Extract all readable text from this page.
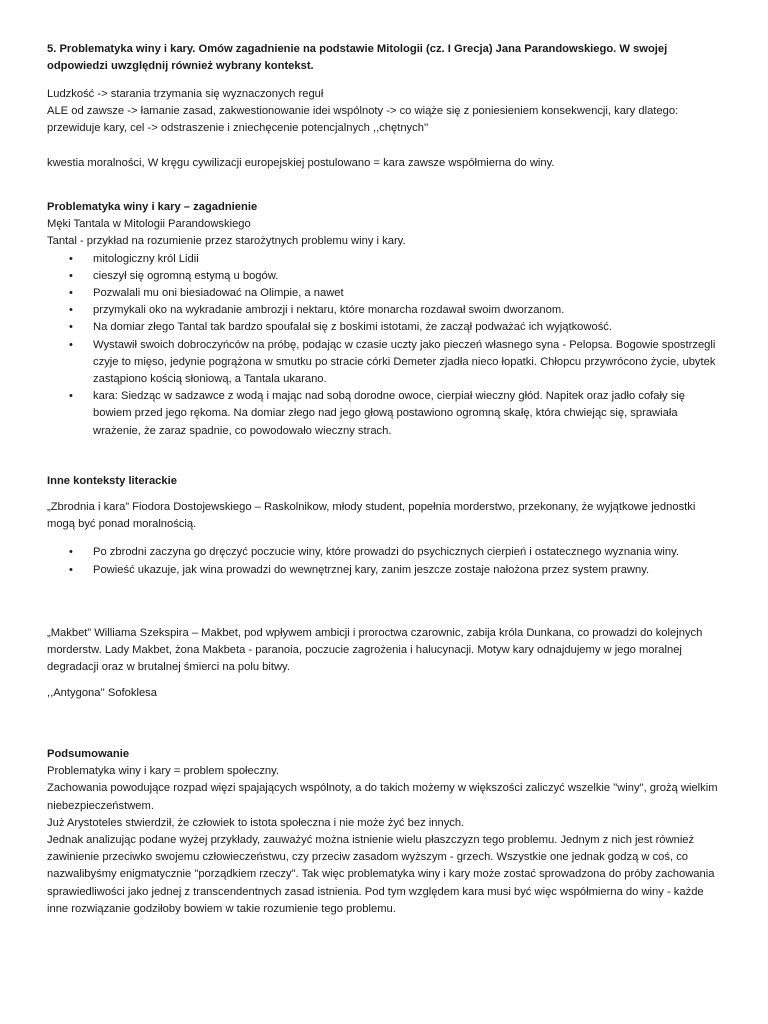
5. Problematyka winy i kary. Omów zagadnienie na podstawie Mitologii (cz. I Grecja) Jana Parandowskiego. W swojej odpowiedzi uwzględnij również wybrany kontekst.

Ludzkość -> starania trzymania się wyznaczonych reguł
ALE od zawsze -> łamanie zasad, zakwestionowanie idei wspólnoty -> co wiąże się z poniesieniem konsekwencji, kary dlatego: przewiduje kary, cel -> odstraszenie i zniechęcenie potencjalnych ,,chętnych''

kwestia moralności, W kręgu cywilizacji europejskiej postulowano = kara zawsze współmierna do winy.

Problematyka winy i kary – zagadnienie
Męki Tantala w Mitologii Parandowskiego
Tantal - przykład na rozumienie przez starożytnych problemu winy i kary.
• mitologiczny król Lidii
• cieszył się ogromną estymą u bogów.
• Pozwalali mu oni biesiadować na Olimpie, a nawet
• przymykali oko na wykradanie ambrozji i nektaru, które monarcha rozdawał swoim dworzanom.
• Na domiar złego Tantal tak bardzo spoufalał się z boskimi istotami, że zaczął podważać ich wyjątkowość.
• Wystawił swoich dobroczyńców na próbę, podając w czasie uczty jako pieczeń własnego syna - Pelopsa. Bogowie spostrzegli czyje to mięso, jedynie pogrążona w smutku po stracie córki Demeter zjadła nieco łopatki. Chłopcu przywrócono życie, ubytek zastąpiono kością słoniową, a Tantala ukarano.
• kara: Siedząc w sadzawce z wodą i mając nad sobą dorodne owoce, cierpiał wieczny głód. Napitek oraz jadło cofały się bowiem przed jego rękoma. Na domiar złego nad jego głową postawiono ogromną skałę, która chwiejąc się, sprawiała wrażenie, że zaraz spadnie, co powodowało wieczny strach.

Inne konteksty literackie

„Zbrodnia i kara” Fiodora Dostojewskiego – Raskolnikow, młody student, popełnia morderstwo, przekonany, że wyjątkowe jednostki mogą być ponad moralnością.

• Po zbrodni zaczyna go dręczyć poczucie winy, które prowadzi do psychicznych cierpień i ostatecznego wyznania winy.
• Powieść ukazuje, jak wina prowadzi do wewnętrznej kary, zanim jeszcze zostaje nałożona przez system prawny.

„Makbet” Williama Szekspira – Makbet, pod wpływem ambicji i proroctwa czarownic, zabija króla Dunkana, co prowadzi do kolejnych morderstw. Lady Makbet, żona Makbeta - paranoia, poczucie zagrożenia i halucynacji. Motyw kary odnajdujemy w jego moralnej degradacji oraz w brutalnej śmierci na polu bitwy.

,,Antygona'' Sofoklesa

Podsumowanie
Problematyka winy i kary = problem społeczny.
Zachowania powodujące rozpad więzi spajających wspólnoty, a do takich możemy w większości zaliczyć wszelkie "winy", grożą wielkim niebezpieczeństwem.
Już Arystoteles stwierdził, że człowiek to istota społeczna i nie może żyć bez innych.
Jednak analizując podane wyżej przykłady, zauważyć można istnienie wielu płaszczyzn tego problemu. Jednym z nich jest również zawinienie przeciwko swojemu człowieczeństwu, czy przeciw zasadom wyższym - grzech. Wszystkie one jednak godzą w coś, co nazwalibyśmy enigmatycznie "porządkiem rzeczy". Tak więc problematyka winy i kary może zostać sprowadzona do próby zachowania sprawiedliwości jako jednej z transcendentnych zasad istnienia. Pod tym względem kara musi być więc współmierna do winy - każde inne rozwiązanie godziłoby bowiem w takie rozumienie tego problemu.
